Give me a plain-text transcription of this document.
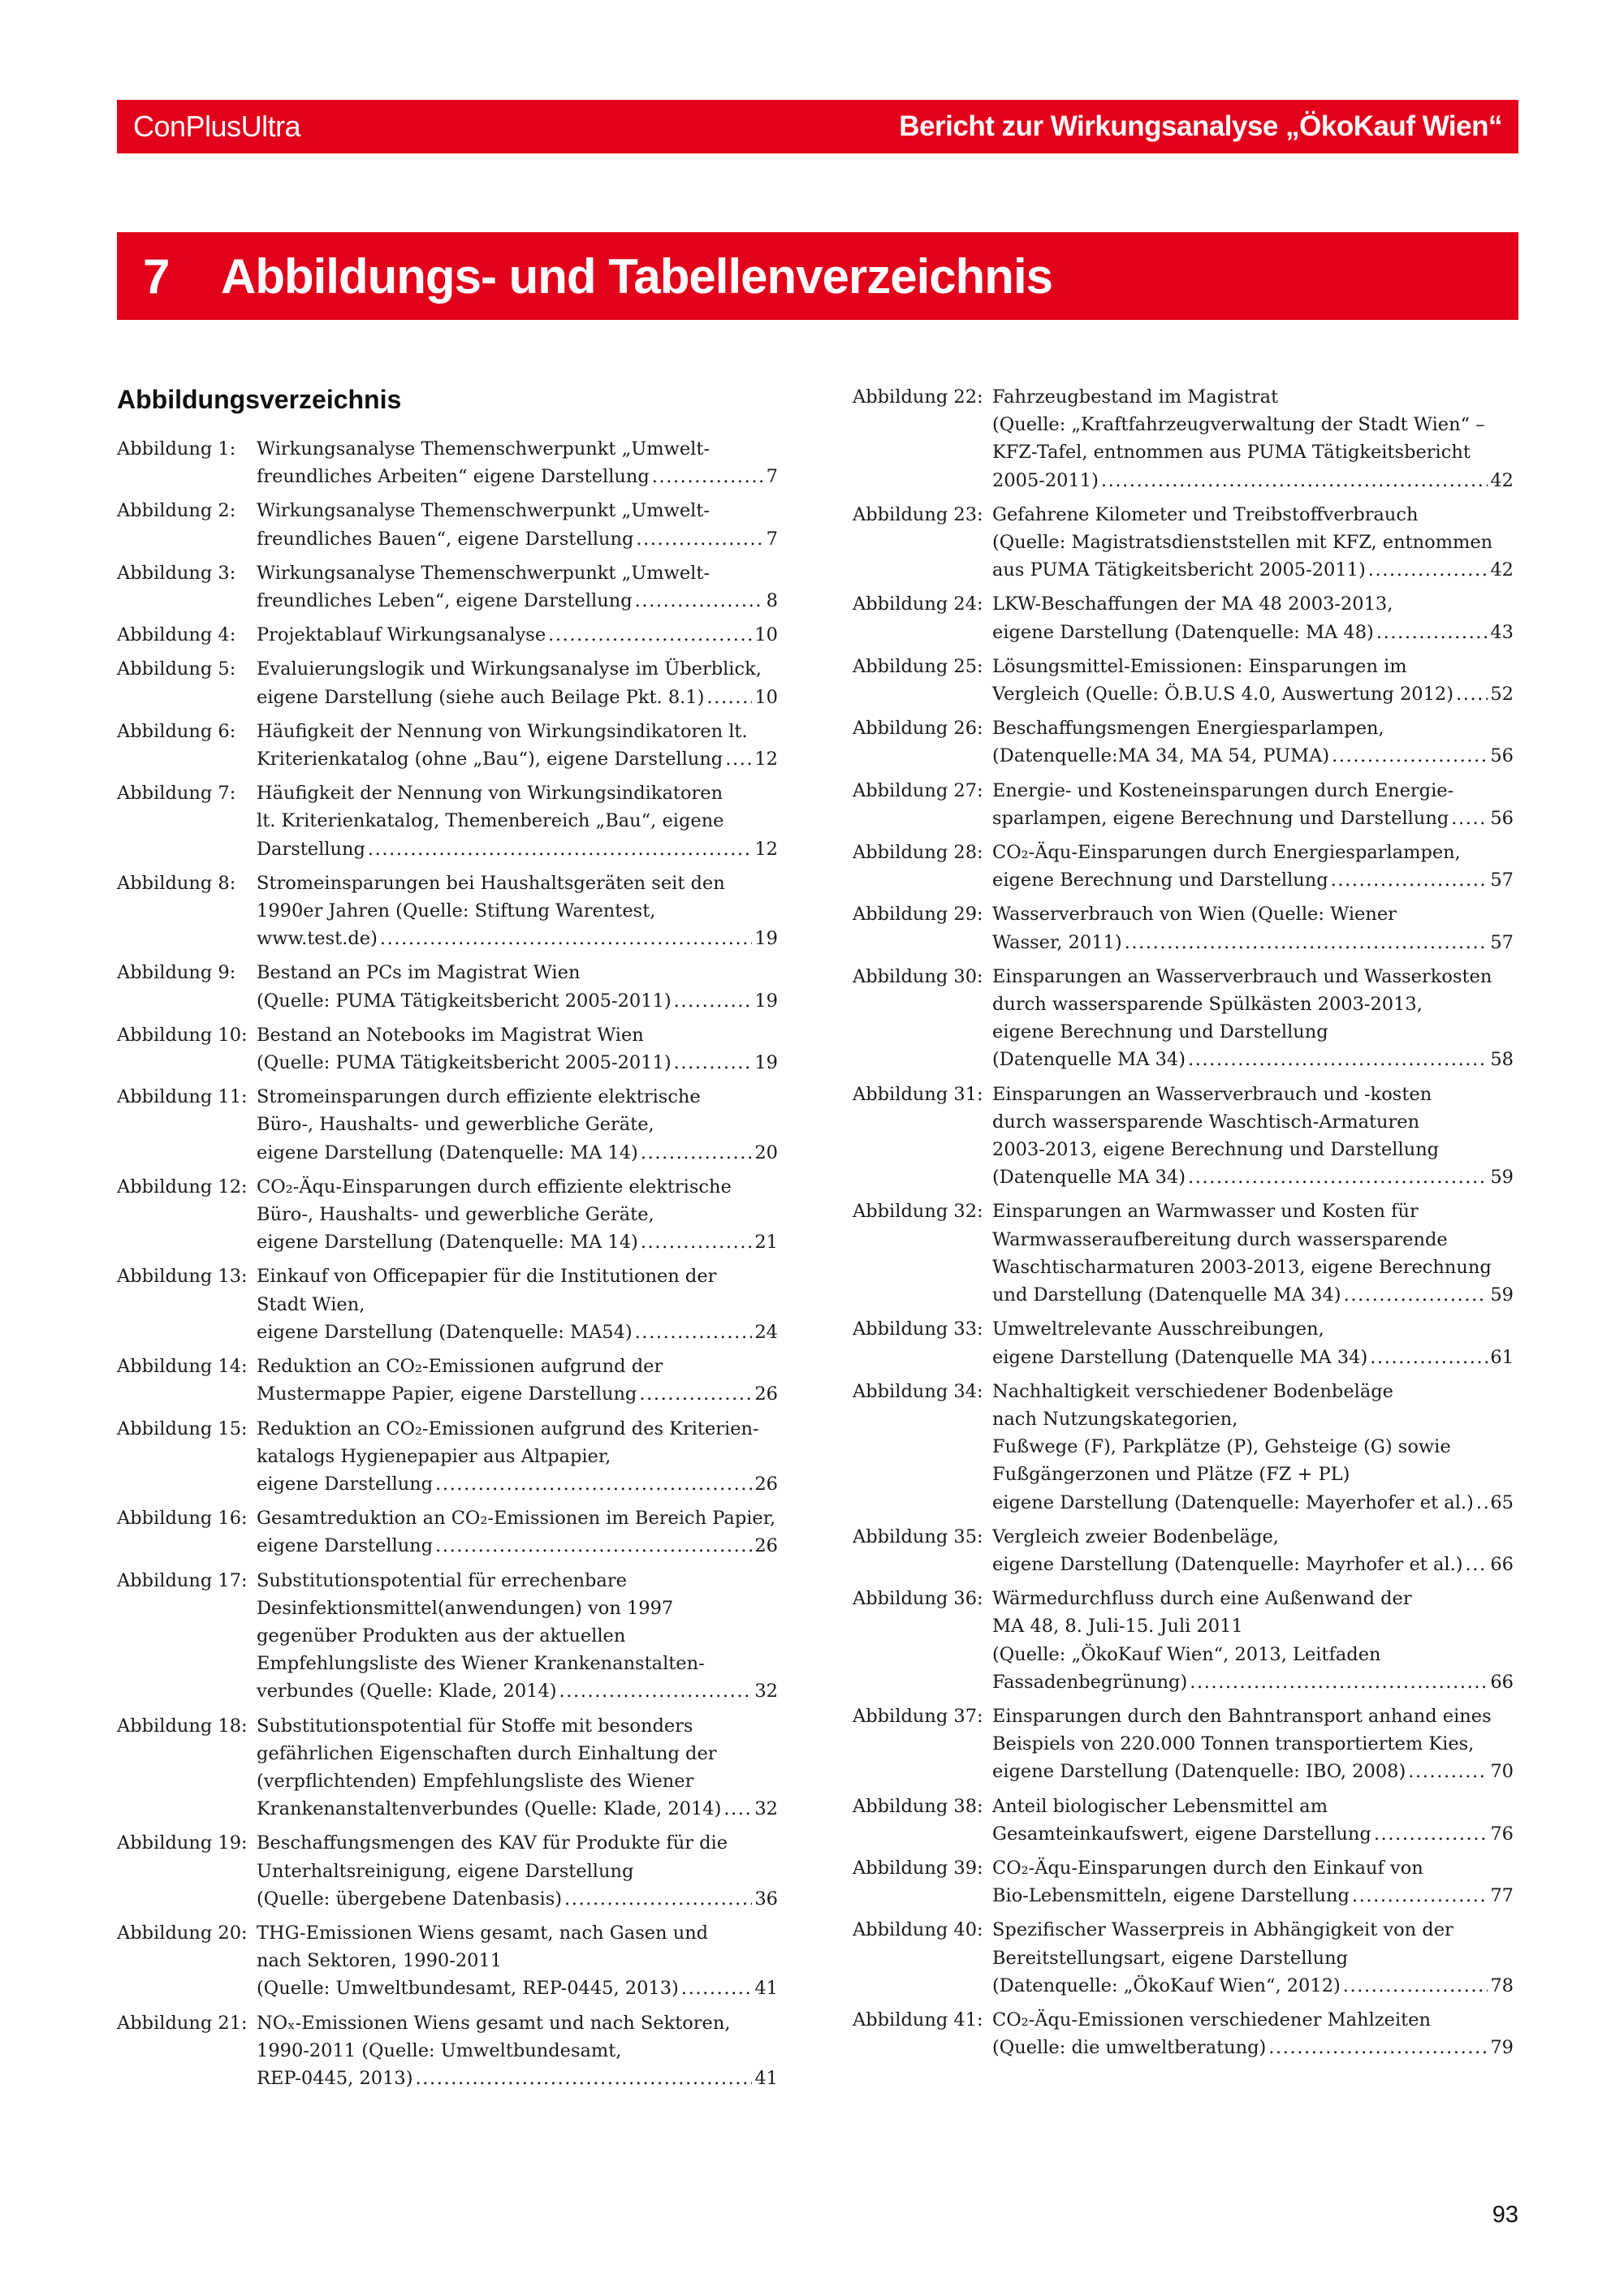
ConPlusUltra	Bericht zur Wirkungsanalyse „ÖkoKauf Wien“
7	Abbildungs- und Tabellenverzeichnis
Abbildungsverzeichnis
Abbildung 1:	Wirkungsanalyse Themenschwerpunkt „Umwelt-
freundliches Arbeiten“ eigene Darstellung .....	7
Abbildung 2:	Wirkungsanalyse Themenschwerpunkt „Umwelt-
freundliches Bauen“, eigene Darstellung .....	7
Abbildung 3:	Wirkungsanalyse Themenschwerpunkt „Umwelt-
freundliches Leben“, eigene Darstellung .....	8
Abbildung 4:	Projektablauf Wirkungsanalyse .....	10
Abbildung 5:	Evaluierungslogik und Wirkungsanalyse im Überblick,
eigene Darstellung (siehe auch Beilage Pkt. 8.1) .....	10
Abbildung 6:	Häufigkeit der Nennung von Wirkungsindikatoren lt.
Kriterienkatalog (ohne „Bau“), eigene Darstellung ..... 12
Abbildung 7:	Häufigkeit der Nennung von Wirkungsindikatoren
lt. Kriterienkatalog, Themenbereich „Bau“, eigene
Darstellung .....	12
Abbildung 8:	Stromeinsparungen bei Haushaltsgeräten seit den
1990er Jahren (Quelle: Stiftung Warentest,
www.test.de) .....	19
Abbildung 9:	Bestand an PCs im Magistrat Wien
(Quelle: PUMA Tätigkeitsbericht 2005-2011) .....	19
Abbildung 10: Bestand an Notebooks im Magistrat Wien
(Quelle: PUMA Tätigkeitsbericht 2005-2011) .....	19
Abbildung 11: Stromeinsparungen durch effiziente elektrische
Büro-, Haushalts- und gewerbliche Geräte,
eigene Darstellung (Datenquelle: MA 14) .....	20
Abbildung 12: CO₂-Äqu-Einsparungen durch effiziente elektrische
Büro-, Haushalts- und gewerbliche Geräte,
eigene Darstellung (Datenquelle: MA 14) .....	21
Abbildung 13: Einkauf von Officepapier für die Institutionen der
Stadt Wien,
eigene Darstellung (Datenquelle: MA54) .....	24
Abbildung 14: Reduktion an CO₂-Emissionen aufgrund der
Mustermappe Papier, eigene Darstellung .....	26
Abbildung 15: Reduktion an CO₂-Emissionen aufgrund des Kriterien-
katalogs Hygienepapier aus Altpapier,
eigene Darstellung .....	26
Abbildung 16: Gesamtreduktion an CO₂-Emissionen im Bereich Papier,
eigene Darstellung .....	26
Abbildung 17: Substitutionspotential für errechenbare
Desinfektionsmittel(anwendungen) von 1997
gegenüber Produkten aus der aktuellen
Empfehlungsliste des Wiener Krankenanstalten-
verbundes (Quelle: Klade, 2014) .....	32
Abbildung 18: Substitutionspotential für Stoffe mit besonders
gefährlichen Eigenschaften durch Einhaltung der
(verpflichtenden) Empfehlungsliste des Wiener
Krankenanstaltenverbundes (Quelle: Klade, 2014) ..... 32
Abbildung 19: Beschaffungsmengen des KAV für Produkte für die
Unterhaltsreinigung, eigene Darstellung
(Quelle: übergebene Datenbasis) .....	36
Abbildung 20: THG-Emissionen Wiens gesamt, nach Gasen und
nach Sektoren, 1990-2011
(Quelle: Umweltbundesamt, REP-0445, 2013) .....	41
Abbildung 21: NOₓ-Emissionen Wiens gesamt und nach Sektoren,
1990-2011 (Quelle: Umweltbundesamt,
REP-0445, 2013) .....	41
Abbildung 22: Fahrzeugbestand im Magistrat
(Quelle: „Kraftfahrzeugverwaltung der Stadt Wien“ –
KFZ-Tafel, entnommen aus PUMA Tätigkeitsbericht
2005-2011) .....	42
Abbildung 23: Gefahrene Kilometer und Treibstoffverbrauch
(Quelle: Magistratsdienststellen mit KFZ, entnommen
aus PUMA Tätigkeitsbericht 2005-2011) .....	42
Abbildung 24: LKW-Beschaffungen der MA 48 2003-2013,
eigene Darstellung (Datenquelle: MA 48) .....	43
Abbildung 25: Lösungsmittel-Emissionen: Einsparungen im
Vergleich (Quelle: Ö.B.U.S 4.0, Auswertung 2012) ..... 52
Abbildung 26: Beschaffungsmengen Energiesparlampen,
(Datenquelle:MA 34, MA 54, PUMA) .....	56
Abbildung 27: Energie- und Kosteneinsparungen durch Energie-
sparlampen, eigene Berechnung und Darstellung ..... 56
Abbildung 28: CO₂-Äqu-Einsparungen durch Energiesparlampen,
eigene Berechnung und Darstellung .....	57
Abbildung 29: Wasserverbrauch von Wien (Quelle: Wiener
Wasser, 2011) .....	57
Abbildung 30: Einsparungen an Wasserverbrauch und Wasserkosten
durch wassersparende Spülkästen 2003-2013,
eigene Berechnung und Darstellung
(Datenquelle MA 34) .....	58
Abbildung 31: Einsparungen an Wasserverbrauch und -kosten
durch wassersparende Waschtisch-Armaturen
2003-2013, eigene Berechnung und Darstellung
(Datenquelle MA 34) .....	59
Abbildung 32: Einsparungen an Warmwasser und Kosten für
Warmwasseraufbereitung durch wassersparende
Waschtischarmaturen 2003-2013, eigene Berechnung
und Darstellung (Datenquelle MA 34) .....	59
Abbildung 33: Umweltrelevante Ausschreibungen,
eigene Darstellung (Datenquelle MA 34) .....	61
Abbildung 34: Nachhaltigkeit verschiedener Bodenbeläge
nach Nutzungskategorien,
Fußwege (F), Parkplätze (P), Gehsteige (G) sowie
Fußgängerzonen und Plätze (FZ + PL)
eigene Darstellung (Datenquelle: Mayerhofer et al.) ..... 65
Abbildung 35: Vergleich zweier Bodenbeläge,
eigene Darstellung (Datenquelle: Mayrhofer et al.) ..... 66
Abbildung 36: Wärmedurchfluss durch eine Außenwand der
MA 48, 8. Juli-15. Juli 2011
(Quelle: „ÖkoKauf Wien“, 2013, Leitfaden
Fassadenbegrünung) .....	66
Abbildung 37: Einsparungen durch den Bahntransport anhand eines
Beispiels von 220.000 Tonnen transportiertem Kies,
eigene Darstellung (Datenquelle: IBO, 2008) .....	70
Abbildung 38: Anteil biologischer Lebensmittel am
Gesamteinkaufswert, eigene Darstellung .....	76
Abbildung 39: CO₂-Äqu-Einsparungen durch den Einkauf von
Bio-Lebensmitteln, eigene Darstellung .....	77
Abbildung 40: Spezifischer Wasserpreis in Abhängigkeit von der
Bereitstellungsart, eigene Darstellung
(Datenquelle: „ÖkoKauf Wien“, 2012) .....	78
Abbildung 41: CO₂-Äqu-Emissionen verschiedener Mahlzeiten
(Quelle: die umweltberatung) .....	79
93
